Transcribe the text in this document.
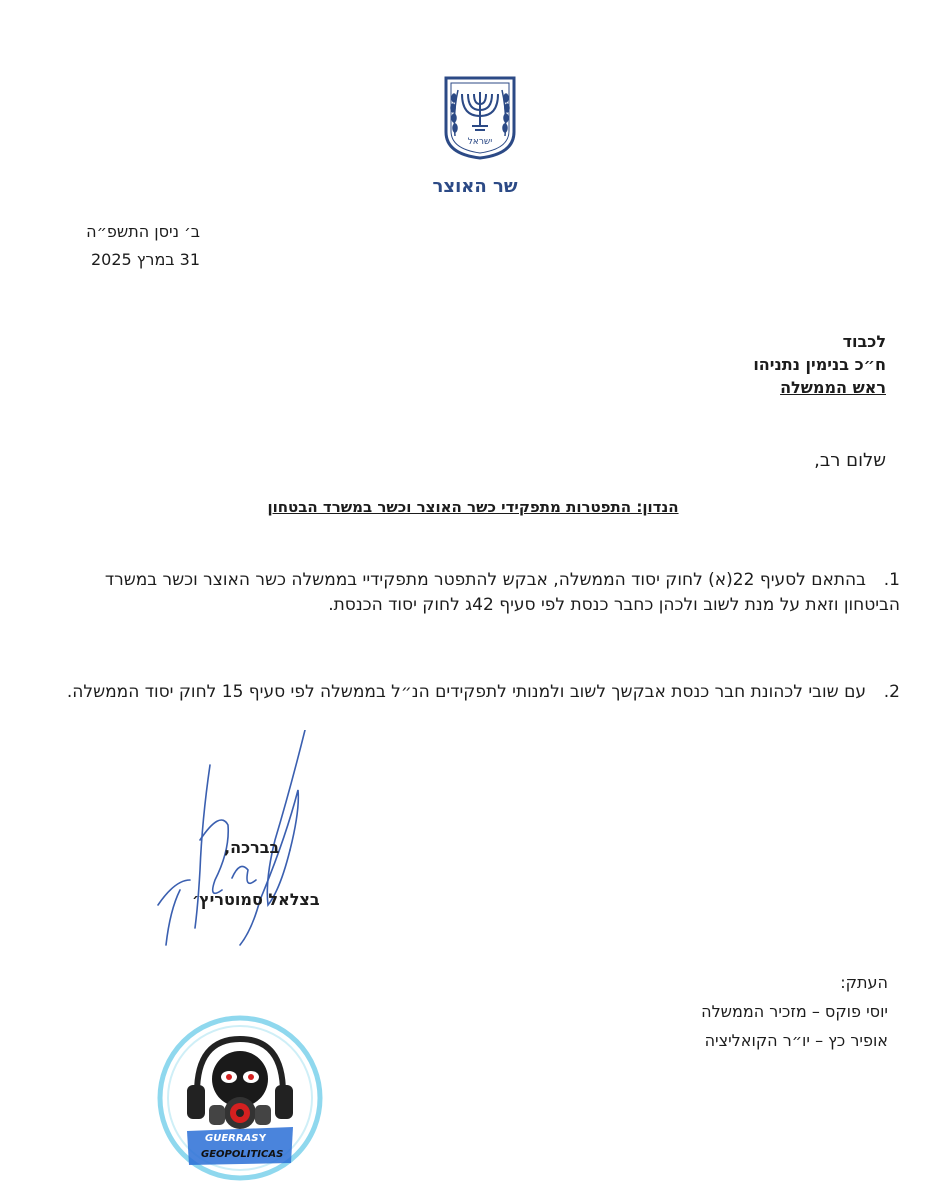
ישראל
שר האוצר
ב׳ ניסן התשפ״ה
31 במרץ 2025
לכבוד
ח״כ בנימין נתניהו
ראש הממשלה
שלום רב,
הנדון: התפטרות מתפקידי כשר האוצר וכשר במשרד הבטחון
1.בהתאם לסעיף 22(א) לחוק יסוד הממשלה, אבקש להתפטר מתפקידיי בממשלה כשר האוצר וכשר במשרד הביטחון וזאת על מנת לשוב ולכהן כחבר כנסת לפי סעיף 42ג לחוק יסוד הכנסת.
2.עם שובי לכהונת חבר כנסת אבקשך לשוב ולמנותי לתפקידים הנ״ל בממשלה לפי סעיף 15 לחוק יסוד הממשלה.
בברכה,
בצלאל סמוטריץ׳
העתק:
יוסי פוקס – מזכיר הממשלה
אופיר כץ – יו״ר הקואליציה
GUERRAS Y
GEOPOLITICAS
